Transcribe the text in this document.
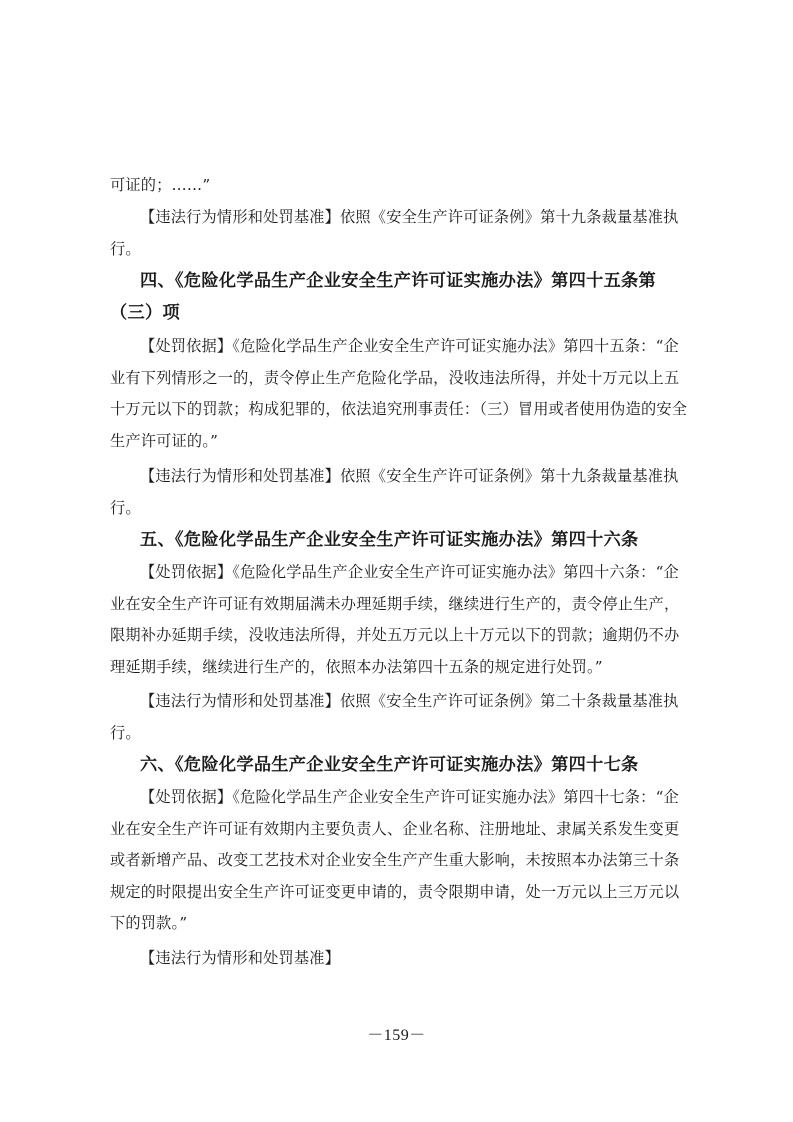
可证的；……”

【违法行为情形和处罚基准】依照《安全生产许可证条例》第十九条裁量基准执行。

四、《危险化学品生产企业安全生产许可证实施办法》第四十五条第（三）项

【处罚依据】《危险化学品生产企业安全生产许可证实施办法》第四十五条：“企业有下列情形之一的，责令停止生产危险化学品，没收违法所得，并处十万元以上五十万元以下的罚款；构成犯罪的，依法追究刑事责任：（三）冒用或者使用伪造的安全生产许可证的。”

【违法行为情形和处罚基准】依照《安全生产许可证条例》第十九条裁量基准执行。

五、《危险化学品生产企业安全生产许可证实施办法》第四十六条

【处罚依据】《危险化学品生产企业安全生产许可证实施办法》第四十六条：“企业在安全生产许可证有效期届满未办理延期手续，继续进行生产的，责令停止生产，限期补办延期手续，没收违法所得，并处五万元以上十万元以下的罚款；逾期仍不办理延期手续，继续进行生产的，依照本办法第四十五条的规定进行处罚。”

【违法行为情形和处罚基准】依照《安全生产许可证条例》第二十条裁量基准执行。

六、《危险化学品生产企业安全生产许可证实施办法》第四十七条

【处罚依据】《危险化学品生产企业安全生产许可证实施办法》第四十七条：“企业在安全生产许可证有效期内主要负责人、企业名称、注册地址、隶属关系发生变更或者新增产品、改变工艺技术对企业安全生产产生重大影响，未按照本办法第三十条规定的时限提出安全生产许可证变更申请的，责令限期申请，处一万元以上三万元以下的罚款。”

【违法行为情形和处罚基准】

－159－
